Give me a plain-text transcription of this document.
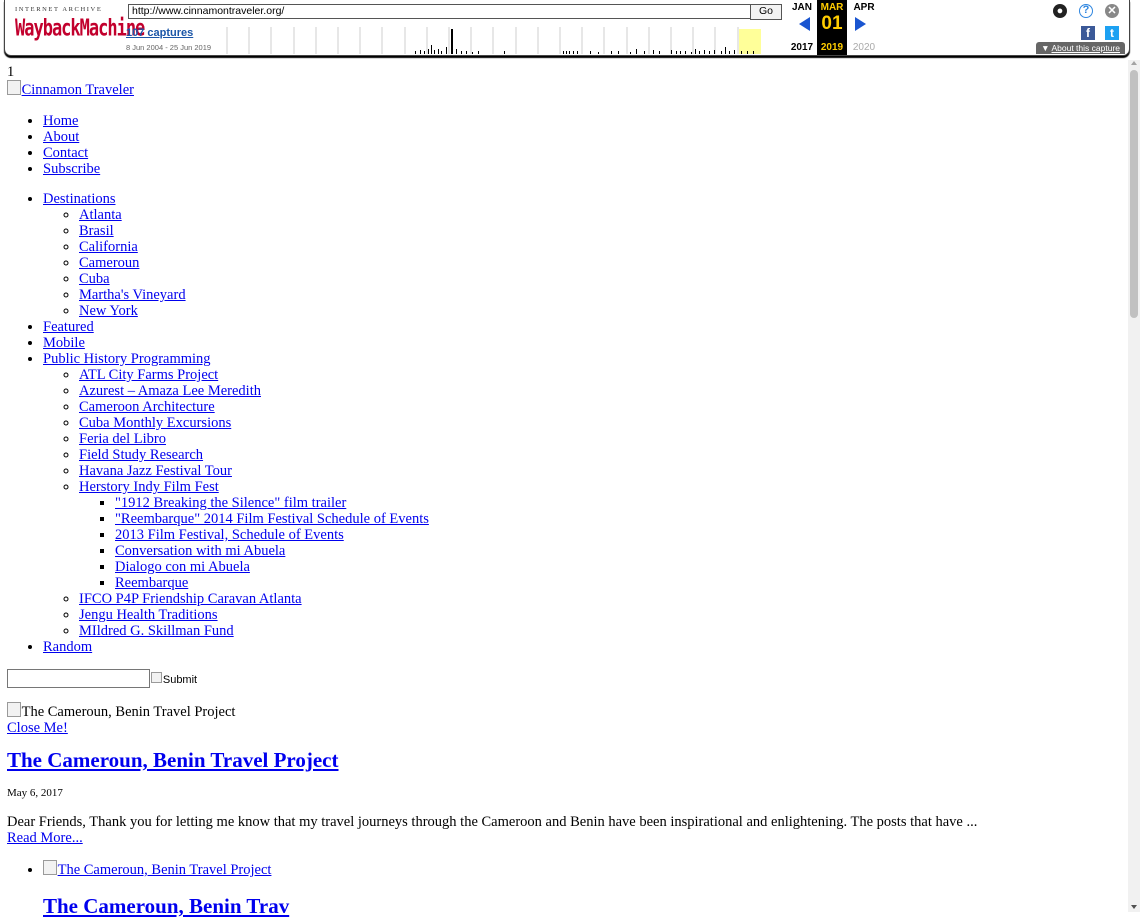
INTERNET ARCHIVE
WaybackMachine
http://www.cinnamontraveler.org/	Go
107 captures
8 Jun 2004 - 25 Jun 2019
JAN
2017
MAR
01
2019
APR
2020
●	?	✕
f	t
▼ About this capture
1
Cinnamon Traveler
• Home
• About
• Contact
• Subscribe
• Destinations
◦ Atlanta
◦ Brasil
◦ California
◦ Cameroun
◦ Cuba
◦ Martha's Vineyard
◦ New York
• Featured
• Mobile
• Public History Programming
◦ ATL City Farms Project
◦ Azurest – Amaza Lee Meredith
◦ Cameroon Architecture
◦ Cuba Monthly Excursions
◦ Feria del Libro
◦ Field Study Research
◦ Havana Jazz Festival Tour
◦ Herstory Indy Film Fest
▪ "1912 Breaking the Silence" film trailer
▪ "Reembarque" 2014 Film Festival Schedule of Events
▪ 2013 Film Festival, Schedule of Events
▪ Conversation with mi Abuela
▪ Dialogo con mi Abuela
▪ Reembarque
◦ IFCO P4P Friendship Caravan Atlanta
◦ Jengu Health Traditions
◦ MIldred G. Skillman Fund
• Random
Submit
The Cameroun, Benin Travel Project
Close Me!
The Cameroun, Benin Travel Project
May 6, 2017
Dear Friends, Thank you for letting me know that my travel journeys through the Cameroon and Benin have been inspirational and enlightening. The posts that have ...
Read More...
• The Cameroun, Benin Travel Project
The Cameroun, Benin Trav
